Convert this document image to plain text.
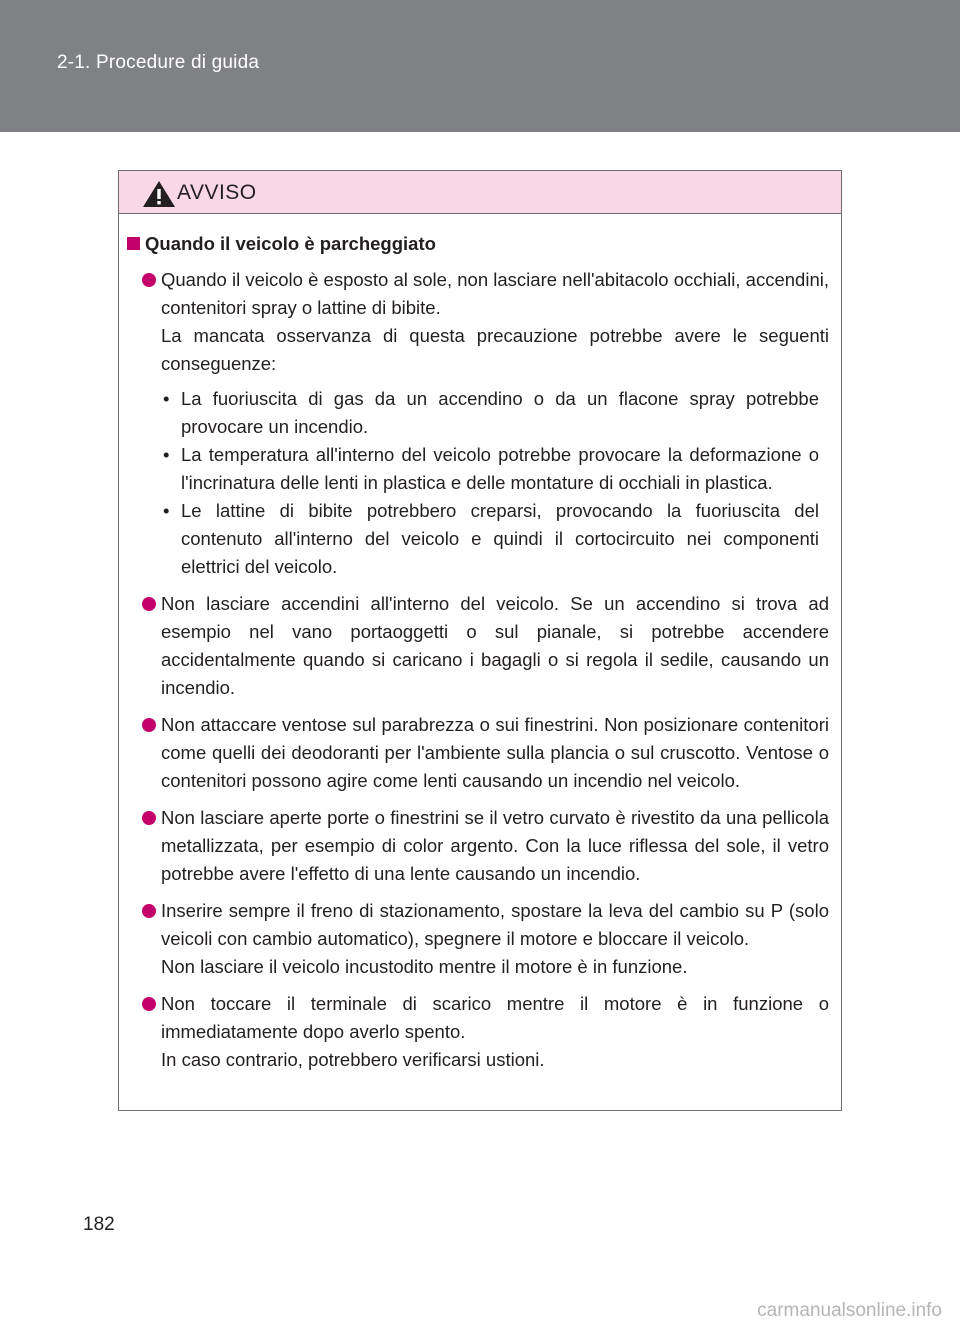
2-1. Procedure di guida
AVVISO
Quando il veicolo è parcheggiato

Quando il veicolo è esposto al sole, non lasciare nell'abitacolo occhiali, accendini, contenitori spray o lattine di bibite.

La mancata osservanza di questa precauzione potrebbe avere le seguenti conseguenze:

• La fuoriuscita di gas da un accendino o da un flacone spray potrebbe provocare un incendio.
• La temperatura all'interno del veicolo potrebbe provocare la deformazione o l'incrinatura delle lenti in plastica e delle montature di occhiali in plastica.
• Le lattine di bibite potrebbero creparsi, provocando la fuoriuscita del contenuto all'interno del veicolo e quindi il cortocircuito nei componenti elettrici del veicolo.

Non lasciare accendini all'interno del veicolo. Se un accendino si trova ad esempio nel vano portaoggetti o sul pianale, si potrebbe accendere accidentalmente quando si caricano i bagagli o si regola il sedile, causando un incendio.

Non attaccare ventose sul parabrezza o sui finestrini. Non posizionare contenitori come quelli dei deodoranti per l'ambiente sulla plancia o sul cruscotto. Ventose o contenitori possono agire come lenti causando un incendio nel veicolo.

Non lasciare aperte porte o finestrini se il vetro curvato è rivestito da una pellicola metallizzata, per esempio di color argento. Con la luce riflessa del sole, il vetro potrebbe avere l'effetto di una lente causando un incendio.

Inserire sempre il freno di stazionamento, spostare la leva del cambio su P (solo veicoli con cambio automatico), spegnere il motore e bloccare il veicolo.

Non lasciare il veicolo incustodito mentre il motore è in funzione.

Non toccare il terminale di scarico mentre il motore è in funzione o immediatamente dopo averlo spento.

In caso contrario, potrebbero verificarsi ustioni.

182
carmanualsonline.info
